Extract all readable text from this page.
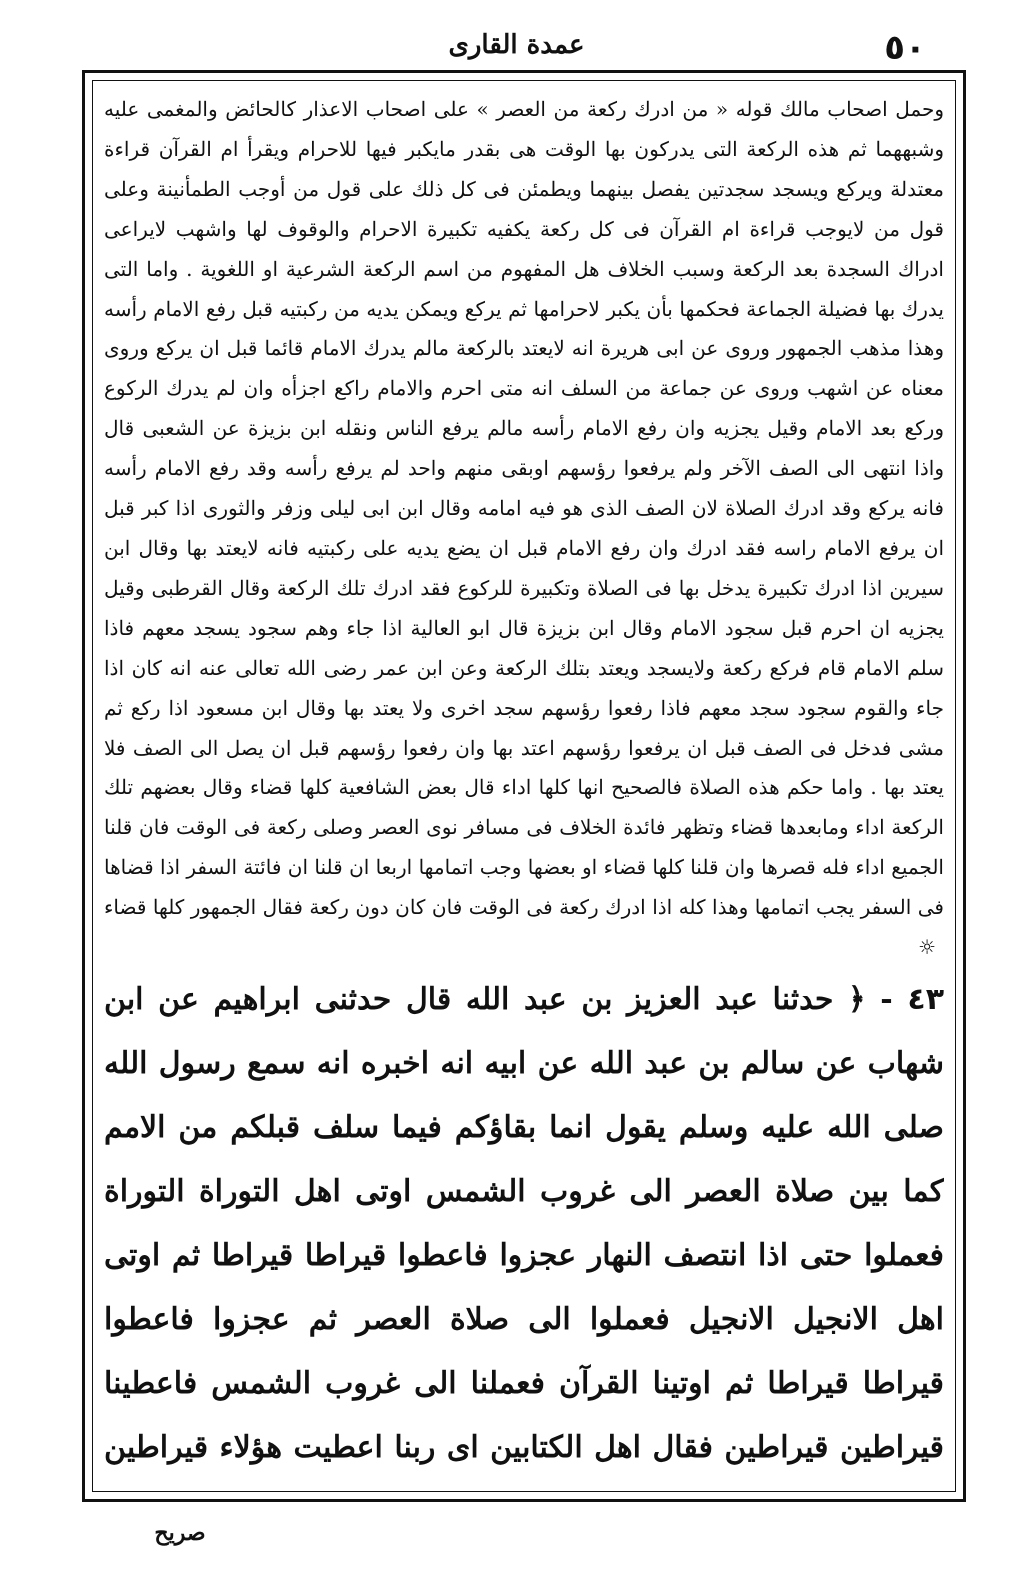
٥٠
عمدة القاری

وحمل اصحاب مالك قوله « من ادرك ركعة من العصر » على اصحاب الاعذار كالحائض والمغمى عليه وشبههما ثم هذه الركعة التى يدركون بها الوقت هى بقدر مايكبر فيها للاحرام ويقرأ ام القرآن قراءة معتدلة ويركع ويسجد سجدتين يفصل بينهما ويطمئن فى كل ذلك على قول من أوجب الطمأنينة وعلى قول من لايوجب قراءة ام القرآن فى كل ركعة يكفيه تكبيرة الاحرام والوقوف لها واشهب لايراعى ادراك السجدة بعد الركعة وسبب الخلاف هل المفهوم من اسم الركعة الشرعية او اللغوية . واما التى يدرك بها فضيلة الجماعة فحكمها بأن يكبر لاحرامها ثم يركع ويمكن يديه من ركبتيه قبل رفع الامام رأسه وهذا مذهب الجمهور وروى عن ابى هريرة انه لايعتد بالركعة مالم يدرك الامام قائما قبل ان يركع وروى معناه عن اشهب وروى عن جماعة من السلف انه متى احرم والامام راكع اجزأه وان لم يدرك الركوع وركع بعد الامام وقيل يجزيه وان رفع الامام رأسه مالم يرفع الناس ونقله ابن بزيزة عن الشعبى قال واذا انتهى الى الصف الآخر ولم يرفعوا رؤسهم اوبقى منهم واحد لم يرفع رأسه وقد رفع الامام رأسه فانه يركع وقد ادرك الصلاة لان الصف الذى هو فيه امامه وقال ابن ابى ليلى وزفر والثورى اذا كبر قبل ان يرفع الامام راسه فقد ادرك وان رفع الامام قبل ان يضع يديه على ركبتيه فانه لايعتد بها وقال ابن سيرين اذا ادرك تكبيرة يدخل بها فى الصلاة وتكبيرة للركوع فقد ادرك تلك الركعة وقال القرطبى وقيل يجزيه ان احرم قبل سجود الامام وقال ابن بزيزة قال ابو العالية اذا جاء وهم سجود يسجد معهم فاذا سلم الامام قام فركع ركعة ولايسجد ويعتد بتلك الركعة وعن ابن عمر رضى الله تعالى عنه انه كان اذا جاء والقوم سجود سجد معهم فاذا رفعوا رؤسهم سجد اخرى ولا يعتد بها وقال ابن مسعود اذا ركع ثم مشى فدخل فى الصف قبل ان يرفعوا رؤسهم اعتد بها وان رفعوا رؤسهم قبل ان يصل الى الصف فلا يعتد بها . واما حكم هذه الصلاة فالصحيح انها كلها اداء قال بعض الشافعية كلها قضاء وقال بعضهم تلك الركعة اداء ومابعدها قضاء وتظهر فائدة الخلاف فى مسافر نوى العصر وصلى ركعة فى الوقت فان قلنا الجميع اداء فله قصرها وان قلنا كلها قضاء او بعضها وجب اتمامها اربعا ان قلنا ان فائتة السفر اذا قضاها فى السفر يجب اتمامها وهذا كله اذا ادرك ركعة فى الوقت فان كان دون ركعة فقال الجمهور كلها قضاء ☼

٤٣ - ﴿ حدثنا عبد العزيز بن عبد الله قال حدثنى ابراهيم عن ابن شهاب عن سالم بن عبد الله عن ابيه انه اخبره انه سمع رسول الله صلى الله عليه وسلم يقول انما بقاؤكم فيما سلف قبلكم من الامم كما بين صلاة العصر الى غروب الشمس اوتى اهل التوراة التوراة فعملوا حتى اذا انتصف النهار عجزوا فاعطوا قيراطا قيراطا ثم اوتى اهل الانجيل الانجيل فعملوا الى صلاة العصر ثم عجزوا فاعطوا قيراطا قيراطا ثم اوتينا القرآن فعملنا الى غروب الشمس فاعطينا قيراطين قيراطين فقال اهل الكتابين اى ربنا اعطيت هؤلاء قيراطين

صريح
